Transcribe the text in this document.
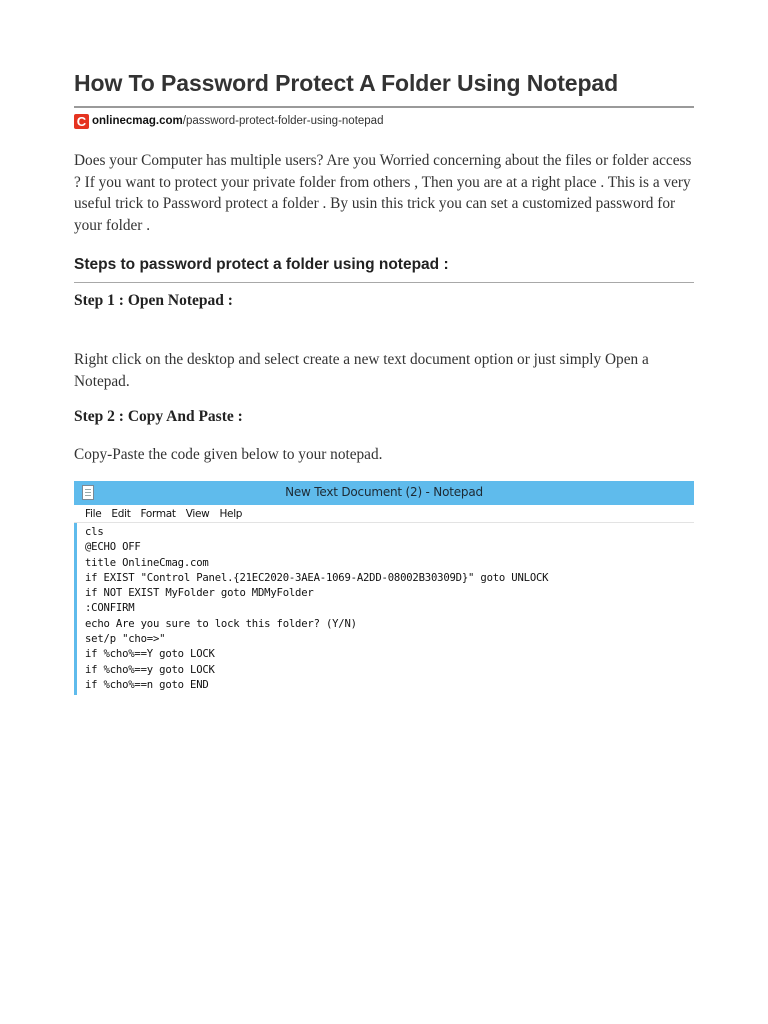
How To Password Protect A Folder Using Notepad
C onlinecmag.com /password-protect-folder-using-notepad
Does your Computer has multiple users? Are you Worried concerning about the files or folder access ? If you want to protect your private folder from others , Then you are at a right place . This is a very useful trick to Password protect a folder . By usin this trick you can set a customized password for your folder .
Steps to password protect a folder using notepad :
Step 1 : Open Notepad :
Right click on the desktop and select create a new text document option or just simply Open a Notepad.
Step 2 : Copy And Paste :
Copy-Paste the code given below to your notepad.
New Text Document (2) - Notepad
File Edit Format View Help
cls
@ECHO OFF
title OnlineCmag.com
if EXIST "Control Panel.{21EC2020-3AEA-1069-A2DD-08002B30309D}" goto UNLOCK
if NOT EXIST MyFolder goto MDMyFolder
:CONFIRM
echo Are you sure to lock this folder? (Y/N)
set/p "cho=>"
if %cho%==Y goto LOCK
if %cho%==y goto LOCK
if %cho%==n goto END
